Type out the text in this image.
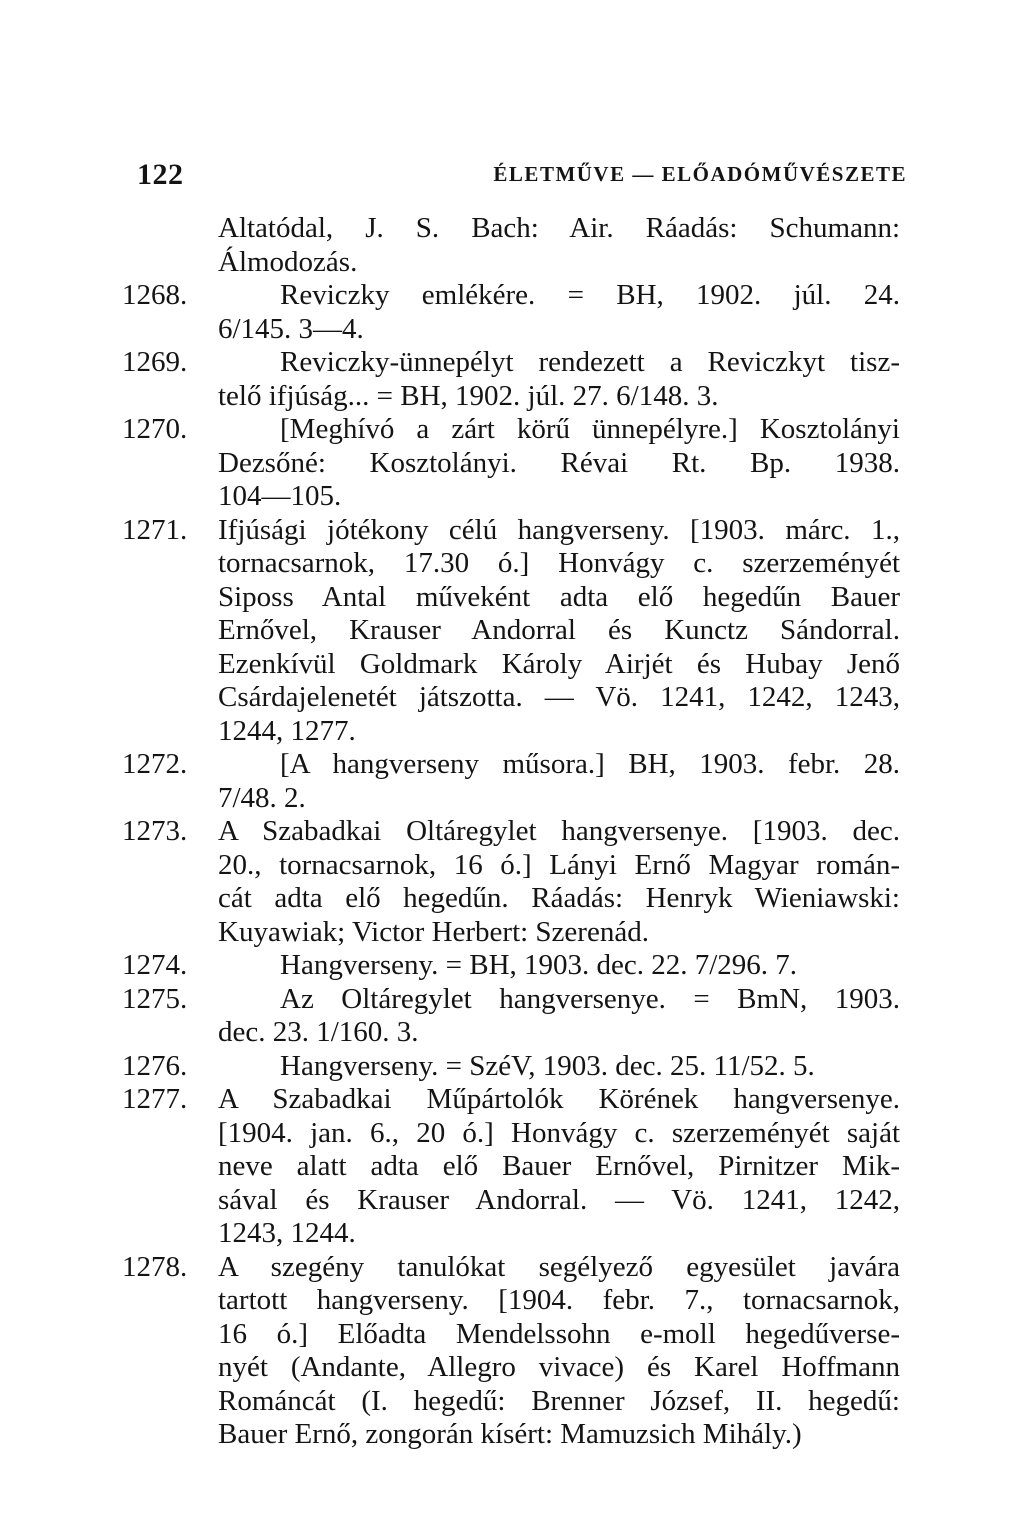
122	ÉLETMŰVE — ELŐADÓMŰVÉSZETE
Altatódal, J. S. Bach: Air. Ráadás: Schumann:
Álmodozás.
1268.	Reviczky emlékére. = BH, 1902. júl. 24.
6/145. 3—4.
1269.	Reviczky-ünnepélyt rendezett a Reviczkyt tisz-
telő ifjúság... = BH, 1902. júl. 27. 6/148. 3.
1270.	[Meghívó a zárt körű ünnepélyre.] Kosztolányi
Dezsőné: Kosztolányi. Révai Rt. Bp. 1938.
104—105.
1271. Ifjúsági jótékony célú hangverseny. [1903. márc. 1.,
tornacsarnok, 17.30 ó.] Honvágy c. szerzeményét
Siposs Antal műveként adta elő hegedűn Bauer
Ernővel, Krauser Andorral és Kunctz Sándorral.
Ezenkívül Goldmark Károly Airjét és Hubay Jenő
Csárdajelenetét játszotta. — Vö. 1241, 1242, 1243,
1244, 1277.
1272.	[A hangverseny műsora.] BH, 1903. febr. 28.
7/48. 2.
1273. A Szabadkai Oltáregylet hangversenye. [1903. dec.
20., tornacsarnok, 16 ó.] Lányi Ernő Magyar román-
cát adta elő hegedűn. Ráadás: Henryk Wieniawski:
Kuyawiak; Victor Herbert: Szerenád.
1274.	Hangverseny. = BH, 1903. dec. 22. 7/296. 7.
1275.	Az Oltáregylet hangversenye. = BmN, 1903.
dec. 23. 1/160. 3.
1276.	Hangverseny. = SzéV, 1903. dec. 25. 11/52. 5.
1277. A Szabadkai Műpártolók Körének hangversenye.
[1904. jan. 6., 20 ó.] Honvágy c. szerzeményét saját
neve alatt adta elő Bauer Ernővel, Pirnitzer Mik-
sával és Krauser Andorral. — Vö. 1241, 1242,
1243, 1244.
1278. A szegény tanulókat segélyező egyesület javára
tartott hangverseny. [1904. febr. 7., tornacsarnok,
16 ó.] Előadta Mendelssohn e-moll hegedűverse-
nyét (Andante, Allegro vivace) és Karel Hoffmann
Románcát (I. hegedű: Brenner József, II. hegedű:
Bauer Ernő, zongorán kísért: Mamuzsich Mihály.)
